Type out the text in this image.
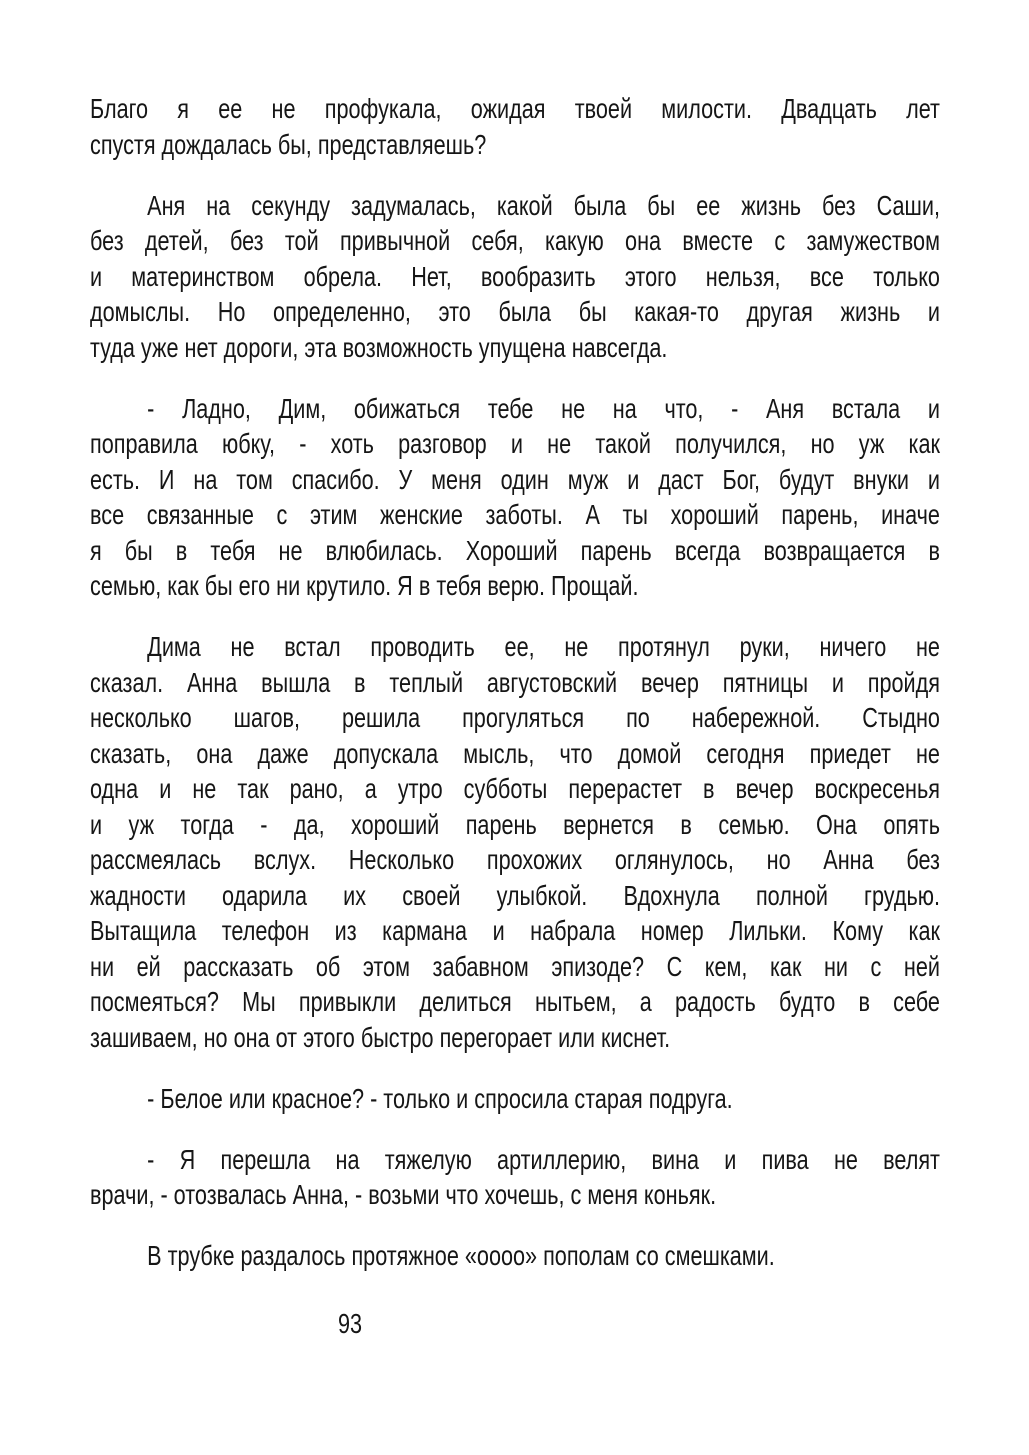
Благо я ее не профукала, ожидая твоей милости. Двадцать лет
спустя дождалась бы, представляешь?
Аня на секунду задумалась, какой была бы ее жизнь без Саши,
без детей, без той привычной себя, какую она вместе с замужеством
и материнством обрела. Нет, вообразить этого нельзя, все только
домыслы. Но определенно, это была бы какая-то другая жизнь и
туда уже нет дороги, эта возможность упущена навсегда.
- Ладно, Дим, обижаться тебе не на что, - Аня встала и
поправила юбку, - хоть разговор и не такой получился, но уж как
есть. И на том спасибо. У меня один муж и даст Бог, будут внуки и
все связанные с этим женские заботы. А ты хороший парень, иначе
я бы в тебя не влюбилась. Хороший парень всегда возвращается в
семью, как бы его ни крутило. Я в тебя верю. Прощай.
Дима не встал проводить ее, не протянул руки, ничего не
сказал. Анна вышла в теплый августовский вечер пятницы и пройдя
несколько шагов, решила прогуляться по набережной. Стыдно
сказать, она даже допускала мысль, что домой сегодня приедет не
одна и не так рано, а утро субботы перерастет в вечер воскресенья
и уж тогда - да, хороший парень вернется в семью. Она опять
рассмеялась вслух. Несколько прохожих оглянулось, но Анна без
жадности одарила их своей улыбкой. Вдохнула полной грудью.
Вытащила телефон из кармана и набрала номер Лильки. Кому как
ни ей рассказать об этом забавном эпизоде? С кем, как ни с ней
посмеяться? Мы привыкли делиться нытьем, а радость будто в себе
зашиваем, но она от этого быстро перегорает или киснет.
- Белое или красное? - только и спросила старая подруга.
- Я перешла на тяжелую артиллерию, вина и пива не велят
врачи, - отозвалась Анна, - возьми что хочешь, с меня коньяк.
В трубке раздалось протяжное «оооо» пополам со смешками.
93
